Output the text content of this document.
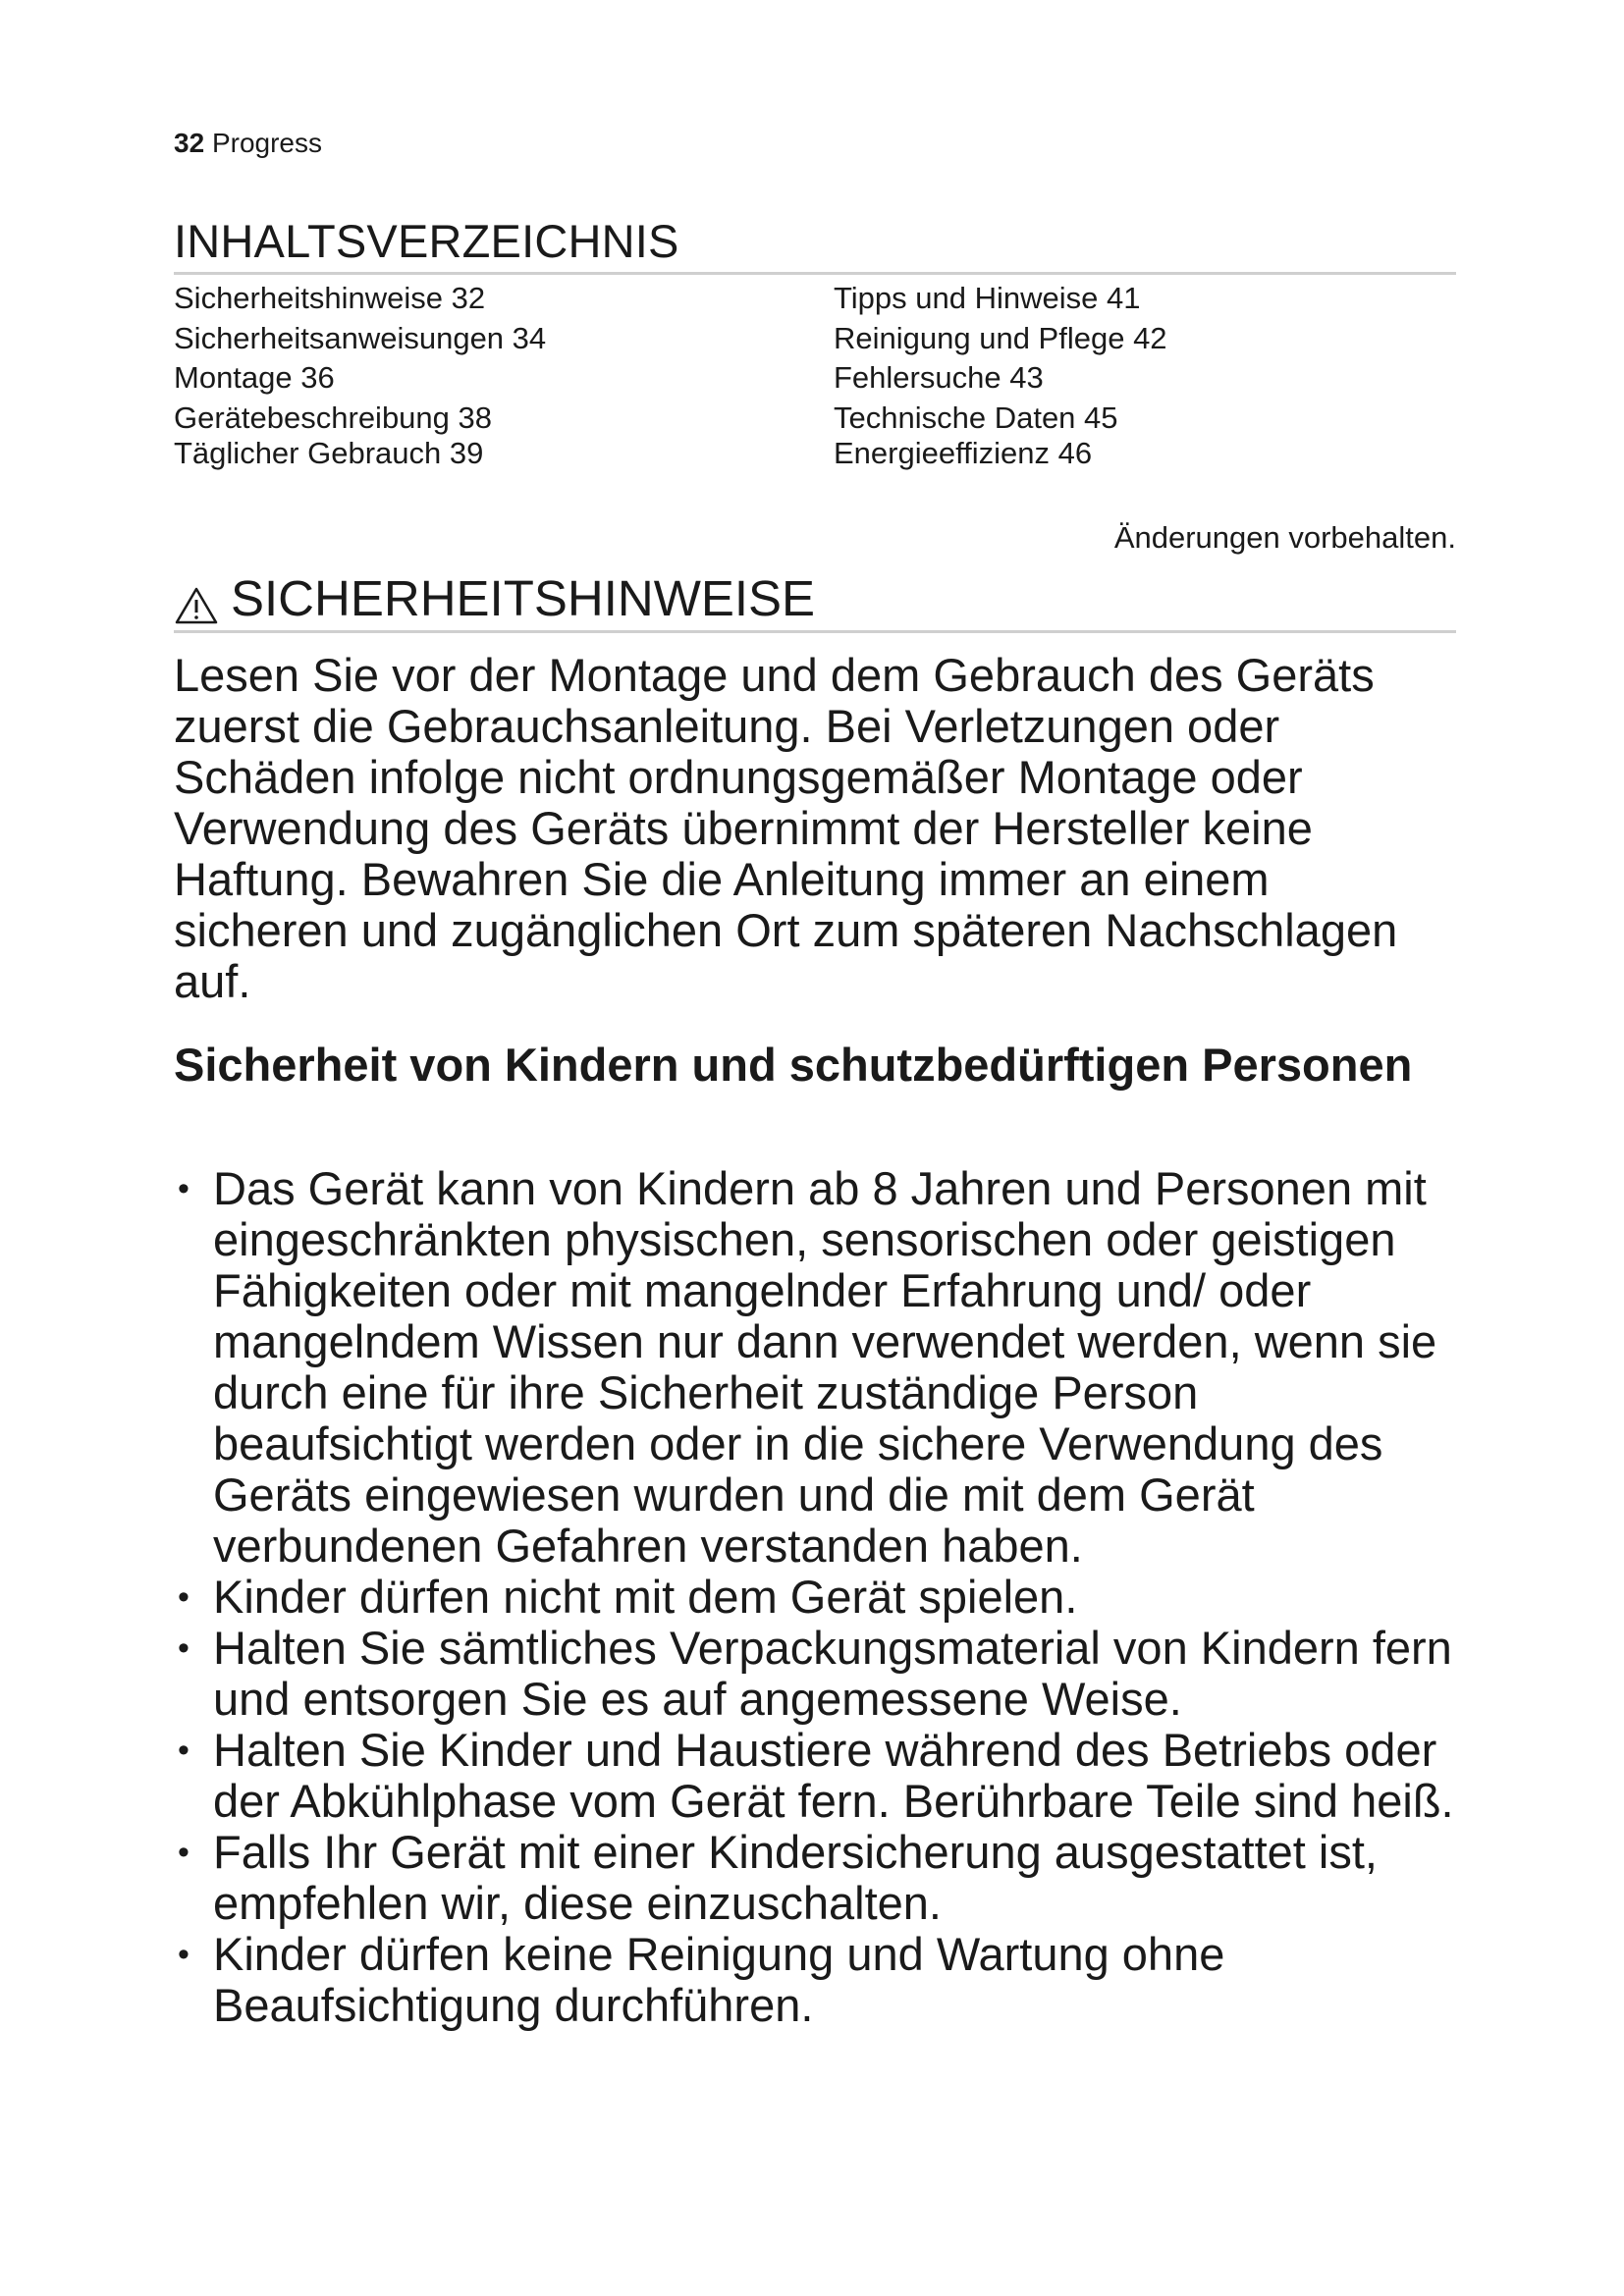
32 Progress
INHALTSVERZEICHNIS
Sicherheitshinweise 32
Sicherheitsanweisungen 34
Montage 36
Gerätebeschreibung 38
Täglicher Gebrauch 39
Tipps und Hinweise 41
Reinigung und Pflege 42
Fehlersuche 43
Technische Daten 45
Energieeffizienz 46
Änderungen vorbehalten.
SICHERHEITSHINWEISE

Lesen Sie vor der Montage und dem Gebrauch des Geräts zuerst die Gebrauchsanleitung. Bei Verletzungen oder Schäden infolge nicht ordnungsgemäßer Montage oder Verwendung des Geräts übernimmt der Hersteller keine Haftung. Bewahren Sie die Anleitung immer an einem sicheren und zugänglichen Ort zum späteren Nachschlagen auf.

Sicherheit von Kindern und schutzbedürftigen Personen
• Das Gerät kann von Kindern ab 8 Jahren und Personen mit eingeschränkten physischen, sensorischen oder geistigen Fähigkeiten oder mit mangelnder Erfahrung und/ oder mangelndem Wissen nur dann verwendet werden, wenn sie durch eine für ihre Sicherheit zuständige Person beaufsichtigt werden oder in die sichere Verwendung des Geräts eingewiesen wurden und die mit dem Gerät verbundenen Gefahren verstanden haben.
• Kinder dürfen nicht mit dem Gerät spielen.
• Halten Sie sämtliches Verpackungsmaterial von Kindern fern und entsorgen Sie es auf angemessene Weise.
• Halten Sie Kinder und Haustiere während des Betriebs oder der Abkühlphase vom Gerät fern. Berührbare Teile sind heiß.
• Falls Ihr Gerät mit einer Kindersicherung ausgestattet ist, empfehlen wir, diese einzuschalten.
• Kinder dürfen keine Reinigung und Wartung ohne Beaufsichtigung durchführen.
